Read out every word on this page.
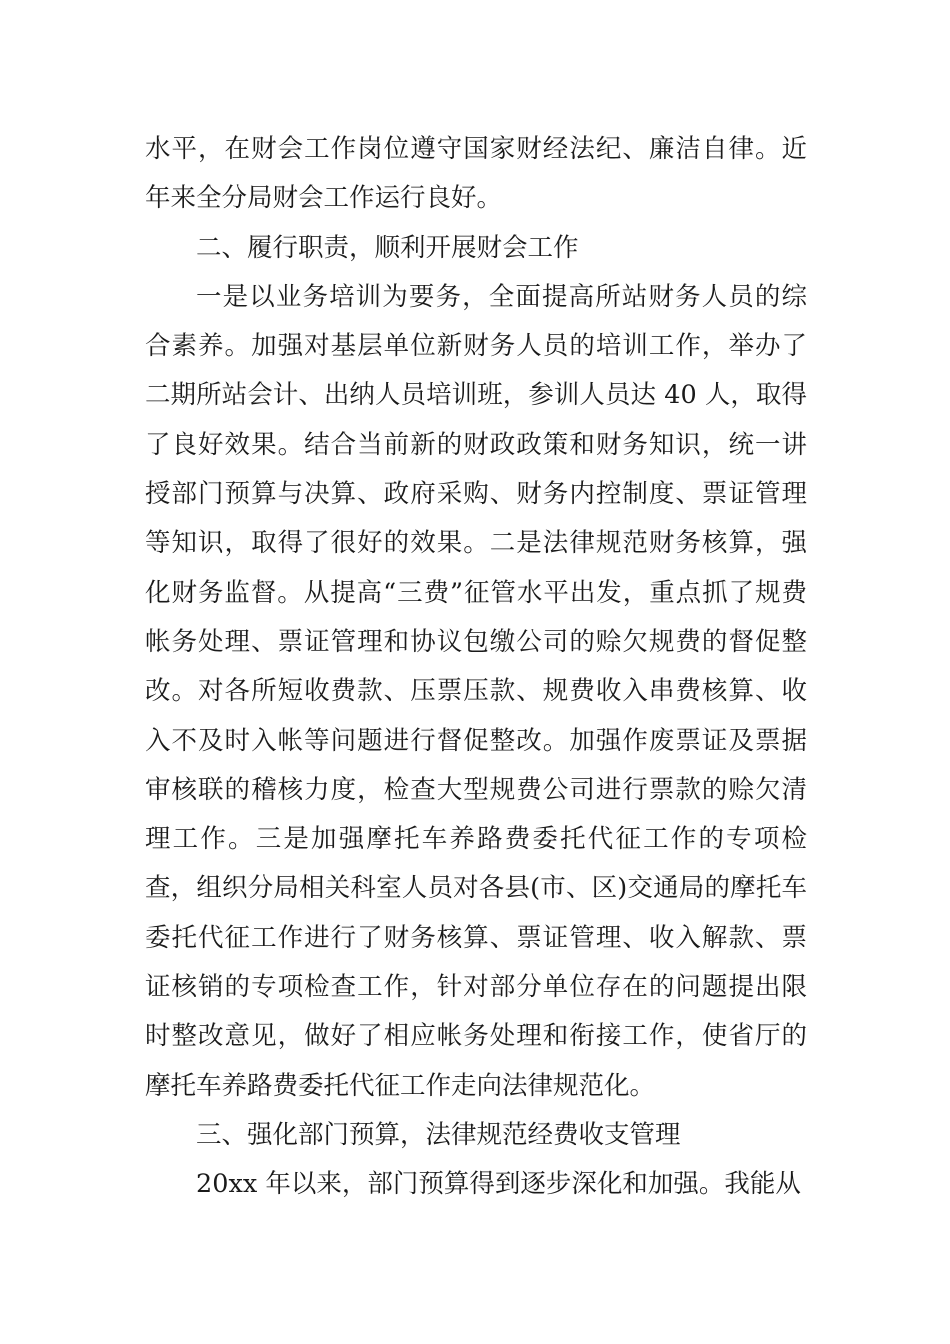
水平，在财会工作岗位遵守国家财经法纪、廉洁自律。近年来全分局财会工作运行良好。

二、履行职责，顺利开展财会工作

一是以业务培训为要务，全面提高所站财务人员的综合素养。加强对基层单位新财务人员的培训工作，举办了二期所站会计、出纳人员培训班，参训人员达 40 人，取得了良好效果。结合当前新的财政政策和财务知识，统一讲授部门预算与决算、政府采购、财务内控制度、票证管理等知识，取得了很好的效果。二是法律规范财务核算，强化财务监督。从提高“三费”征管水平出发，重点抓了规费帐务处理、票证管理和协议包缴公司的赊欠规费的督促整改。对各所短收费款、压票压款、规费收入串费核算、收入不及时入帐等问题进行督促整改。加强作废票证及票据审核联的稽核力度，检查大型规费公司进行票款的赊欠清理工作。三是加强摩托车养路费委托代征工作的专项检查，组织分局相关科室人员对各县(市、区)交通局的摩托车委托代征工作进行了财务核算、票证管理、收入解款、票证核销的专项检查工作，针对部分单位存在的问题提出限时整改意见，做好了相应帐务处理和衔接工作，使省厅的摩托车养路费委托代征工作走向法律规范化。

三、强化部门预算，法律规范经费收支管理

20xx 年以来，部门预算得到逐步深化和加强。我能从
